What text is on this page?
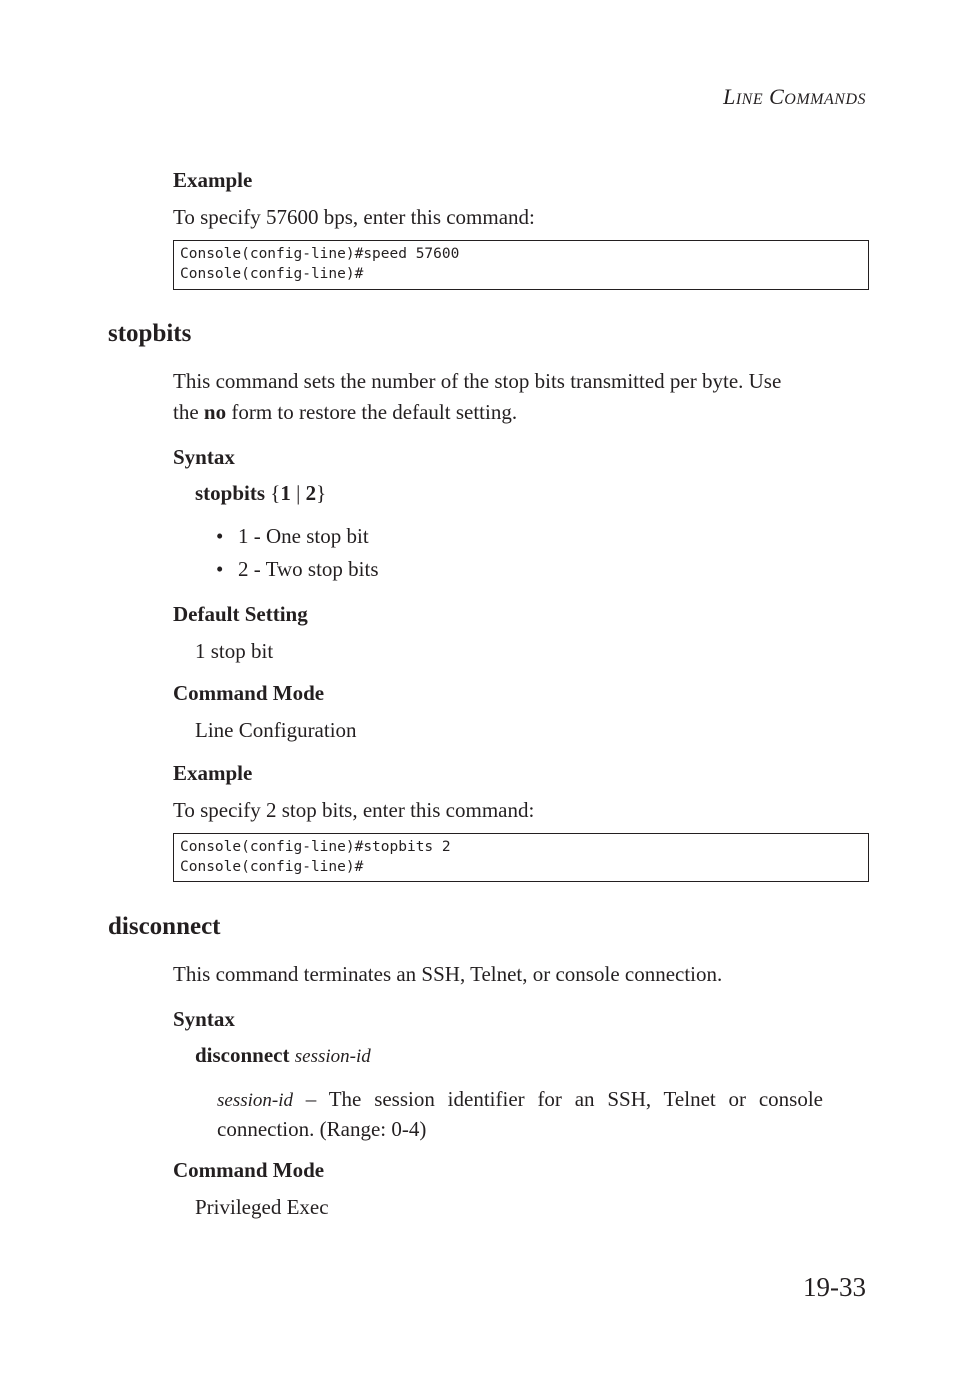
LINE COMMANDS
Example
To specify 57600 bps, enter this command:
Console(config-line)#speed 57600
Console(config-line)#
stopbits
This command sets the number of the stop bits transmitted per byte. Use
the no form to restore the default setting.
Syntax
stopbits {1 | 2}
• 1 - One stop bit
• 2 - Two stop bits
Default Setting
1 stop bit
Command Mode
Line Configuration
Example
To specify 2 stop bits, enter this command:
Console(config-line)#stopbits 2
Console(config-line)#
disconnect
This command terminates an SSH, Telnet, or console connection.
Syntax
disconnect session-id
session-id – The session identifier for an SSH, Telnet or console connection. (Range: 0-4)
Command Mode
Privileged Exec
19-33
